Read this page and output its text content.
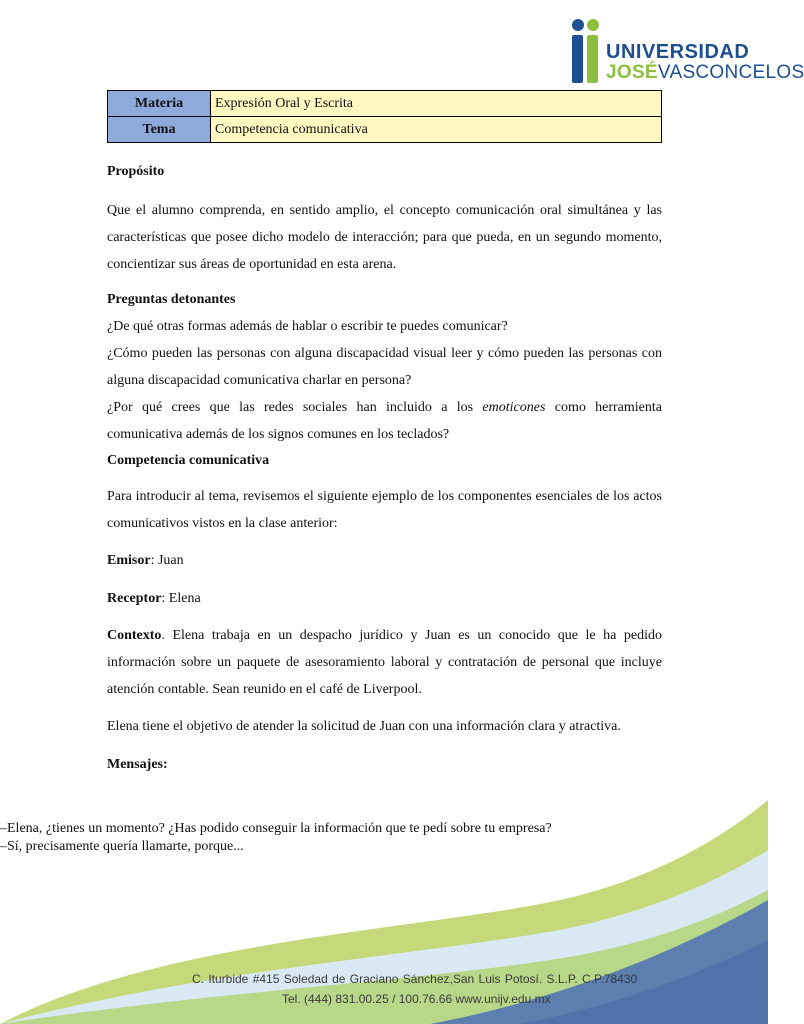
UNIVERSIDAD
JOSÉVASCONCELOS
Materia	Expresión Oral y Escrita
Tema	Competencia comunicativa
Propósito
Que el alumno comprenda, en sentido amplio, el concepto comunicación oral simultánea y las características que posee dicho modelo de interacción; para que pueda, en un segundo momento, concientizar sus áreas de oportunidad en esta arena.
Preguntas detonantes
¿De qué otras formas además de hablar o escribir te puedes comunicar?
¿Cómo pueden las personas con alguna discapacidad visual leer y cómo pueden las personas con alguna discapacidad comunicativa charlar en persona?
¿Por qué crees que las redes sociales han incluido a los emoticones como herramienta comunicativa además de los signos comunes en los teclados?
Competencia comunicativa
Para introducir al tema, revisemos el siguiente ejemplo de los componentes esenciales de los actos comunicativos vistos en la clase anterior:
Emisor: Juan
Receptor: Elena
Contexto. Elena trabaja en un despacho jurídico y Juan es un conocido que le ha pedido información sobre un paquete de asesoramiento laboral y contratación de personal que incluye atención contable. Sean reunido en el café de Liverpool.
Elena tiene el objetivo de atender la solicitud de Juan con una información clara y atractiva.
Mensajes:
–Elena, ¿tienes un momento? ¿Has podido conseguir la información que te pedí sobre tu empresa?
–Sí, precisamente quería llamarte, porque...
C. Iturbide #415 Soledad de Graciano Sánchez,San Luis Potosí. S.L.P. C.P.78430
Tel. (444) 831.00.25 / 100.76.66 www.unijv.edu.mx
